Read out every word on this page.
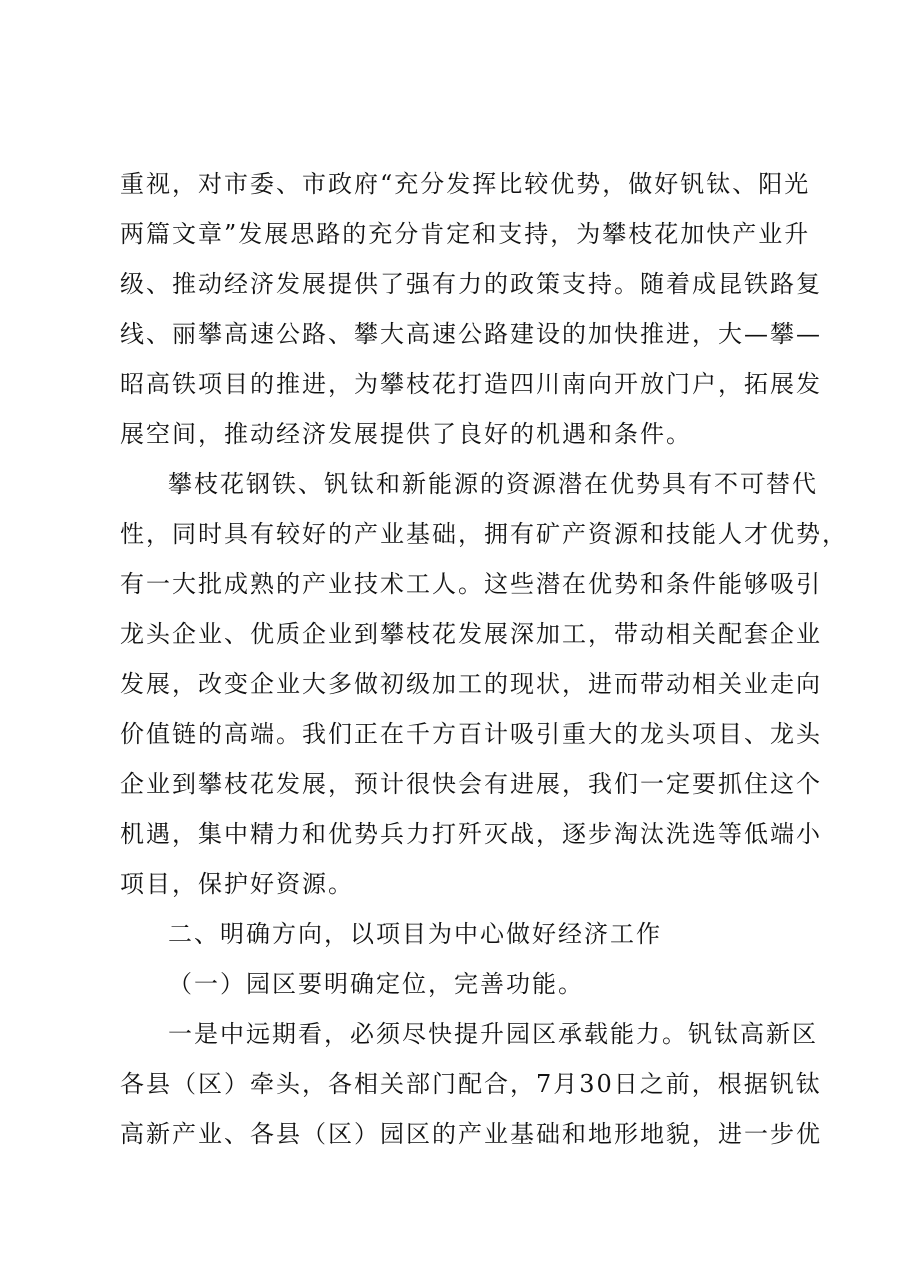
重视，对市委、市政府“充分发挥比较优势，做好钒钛、阳光
两篇文章”发展思路的充分肯定和支持，为攀枝花加快产业升
级、推动经济发展提供了强有力的政策支持。随着成昆铁路复
线、丽攀高速公路、攀大高速公路建设的加快推进，大—攀—
昭高铁项目的推进，为攀枝花打造四川南向开放门户，拓展发
展空间，推动经济发展提供了良好的机遇和条件。
攀枝花钢铁、钒钛和新能源的资源潜在优势具有不可替代
性，同时具有较好的产业基础，拥有矿产资源和技能人才优势，
有一大批成熟的产业技术工人。这些潜在优势和条件能够吸引
龙头企业、优质企业到攀枝花发展深加工，带动相关配套企业
发展，改变企业大多做初级加工的现状，进而带动相关业走向
价值链的高端。我们正在千方百计吸引重大的龙头项目、龙头
企业到攀枝花发展，预计很快会有进展，我们一定要抓住这个
机遇，集中精力和优势兵力打歼灭战，逐步淘汰洗选等低端小
项目，保护好资源。
二、明确方向，以项目为中心做好经济工作
（一）园区要明确定位，完善功能。
一是中远期看，必须尽快提升园区承载能力。钒钛高新区
各县（区）牵头，各相关部门配合，7月30日之前，根据钒钛
高新产业、各县（区）园区的产业基础和地形地貌，进一步优
